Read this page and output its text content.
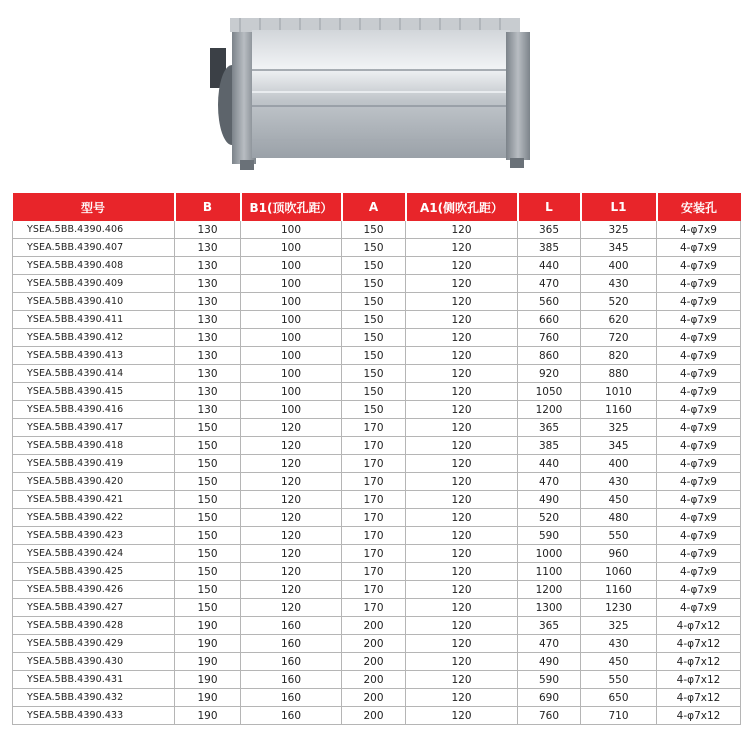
型号	B	B1(顶吹孔距）	A	A1(侧吹孔距）	L	L1	安装孔
YSEA.5BB.4390.406	130	100	150	120	365	325	4-φ7x9
YSEA.5BB.4390.407	130	100	150	120	385	345	4-φ7x9
YSEA.5BB.4390.408	130	100	150	120	440	400	4-φ7x9
YSEA.5BB.4390.409	130	100	150	120	470	430	4-φ7x9
YSEA.5BB.4390.410	130	100	150	120	560	520	4-φ7x9
YSEA.5BB.4390.411	130	100	150	120	660	620	4-φ7x9
YSEA.5BB.4390.412	130	100	150	120	760	720	4-φ7x9
YSEA.5BB.4390.413	130	100	150	120	860	820	4-φ7x9
YSEA.5BB.4390.414	130	100	150	120	920	880	4-φ7x9
YSEA.5BB.4390.415	130	100	150	120	1050	1010	4-φ7x9
YSEA.5BB.4390.416	130	100	150	120	1200	1160	4-φ7x9
YSEA.5BB.4390.417	150	120	170	120	365	325	4-φ7x9
YSEA.5BB.4390.418	150	120	170	120	385	345	4-φ7x9
YSEA.5BB.4390.419	150	120	170	120	440	400	4-φ7x9
YSEA.5BB.4390.420	150	120	170	120	470	430	4-φ7x9
YSEA.5BB.4390.421	150	120	170	120	490	450	4-φ7x9
YSEA.5BB.4390.422	150	120	170	120	520	480	4-φ7x9
YSEA.5BB.4390.423	150	120	170	120	590	550	4-φ7x9
YSEA.5BB.4390.424	150	120	170	120	1000	960	4-φ7x9
YSEA.5BB.4390.425	150	120	170	120	1100	1060	4-φ7x9
YSEA.5BB.4390.426	150	120	170	120	1200	1160	4-φ7x9
YSEA.5BB.4390.427	150	120	170	120	1300	1230	4-φ7x9
YSEA.5BB.4390.428	190	160	200	120	365	325	4-φ7x12
YSEA.5BB.4390.429	190	160	200	120	470	430	4-φ7x12
YSEA.5BB.4390.430	190	160	200	120	490	450	4-φ7x12
YSEA.5BB.4390.431	190	160	200	120	590	550	4-φ7x12
YSEA.5BB.4390.432	190	160	200	120	690	650	4-φ7x12
YSEA.5BB.4390.433	190	160	200	120	760	710	4-φ7x12
